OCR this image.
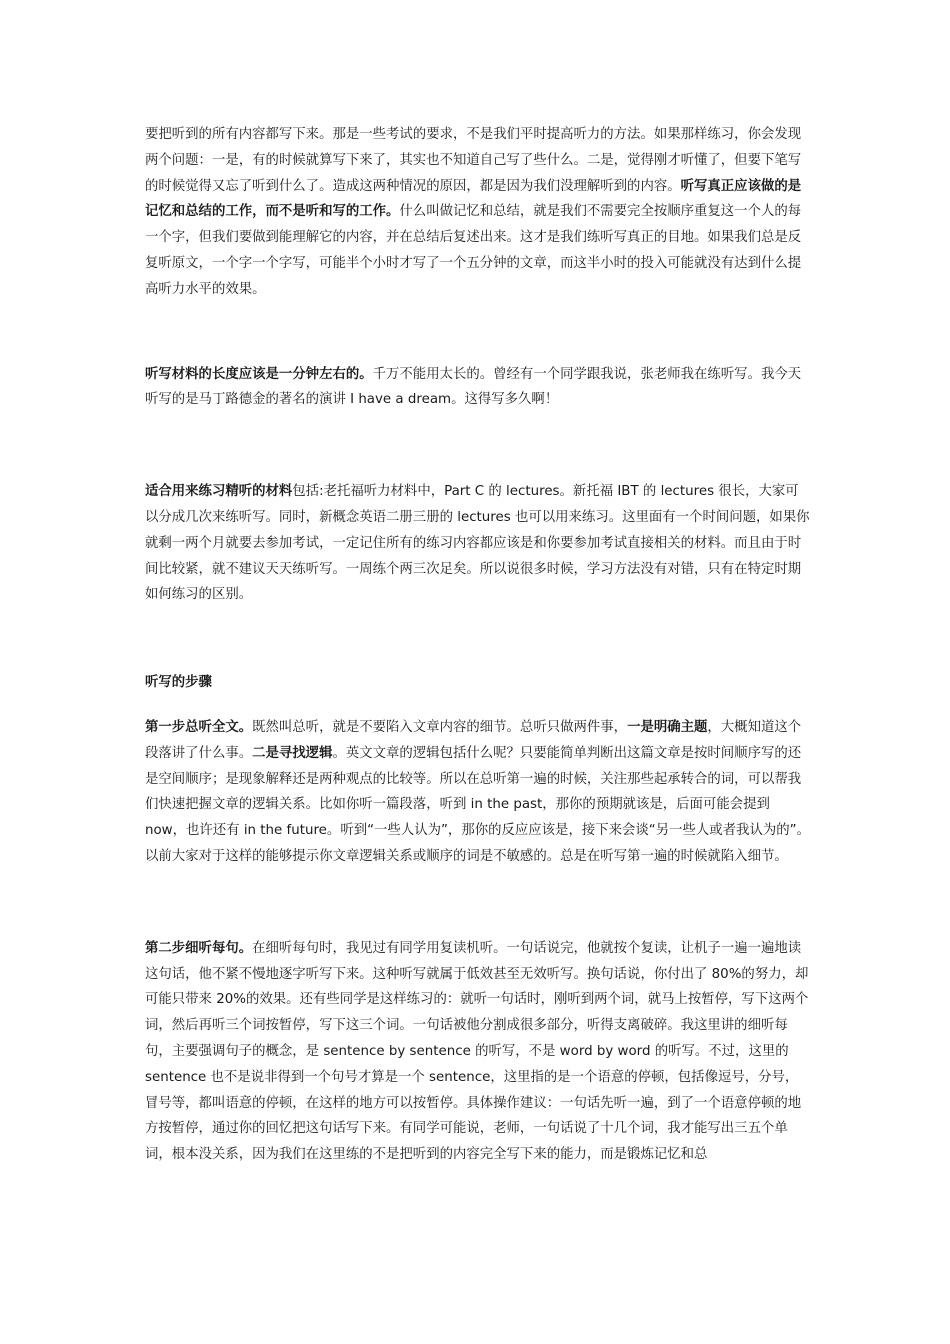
要把听到的所有内容都写下来。那是一些考试的要求，不是我们平时提高听力的方法。如果那样练习，你会发现两个问题：一是，有的时候就算写下来了，其实也不知道自己写了些什么。二是，觉得刚才听懂了，但要下笔写的时候觉得又忘了听到什么了。造成这两种情况的原因，都是因为我们没理解听到的内容。听写真正应该做的是记忆和总结的工作，而不是听和写的工作。什么叫做记忆和总结，就是我们不需要完全按顺序重复这一个人的每一个字，但我们要做到能理解它的内容，并在总结后复述出来。这才是我们练听写真正的目地。如果我们总是反复听原文，一个字一个字写，可能半个小时才写了一个五分钟的文章，而这半小时的投入可能就没有达到什么提高听力水平的效果。

听写材料的长度应该是一分钟左右的。千万不能用太长的。曾经有一个同学跟我说，张老师我在练听写。我今天听写的是马丁路德金的著名的演讲 I have a dream。这得写多久啊！

适合用来练习精听的材料包括:老托福听力材料中，Part C 的 lectures。新托福 IBT 的 lectures 很长，大家可以分成几次来练听写。同时，新概念英语二册三册的 lectures 也可以用来练习。这里面有一个时间问题，如果你就剩一两个月就要去参加考试，一定记住所有的练习内容都应该是和你要参加考试直接相关的材料。而且由于时间比较紧，就不建议天天练听写。一周练个两三次足矣。所以说很多时候，学习方法没有对错，只有在特定时期如何练习的区别。

听写的步骤

第一步总听全文。既然叫总听，就是不要陷入文章内容的细节。总听只做两件事，一是明确主题，大概知道这个段落讲了什么事。二是寻找逻辑。英文文章的逻辑包括什么呢？只要能简单判断出这篇文章是按时间顺序写的还是空间顺序；是现象解释还是两种观点的比较等。所以在总听第一遍的时候，关注那些起承转合的词，可以帮我们快速把握文章的逻辑关系。比如你听一篇段落，听到 in the past，那你的预期就该是，后面可能会提到 now，也许还有 in the future。听到“一些人认为”，那你的反应应该是，接下来会谈“另一些人或者我认为的”。以前大家对于这样的能够提示你文章逻辑关系或顺序的词是不敏感的。总是在听写第一遍的时候就陷入细节。

第二步细听每句。在细听每句时，我见过有同学用复读机听。一句话说完，他就按个复读，让机子一遍一遍地读这句话，他不紧不慢地逐字听写下来。这种听写就属于低效甚至无效听写。换句话说，你付出了 80%的努力，却可能只带来 20%的效果。还有些同学是这样练习的：就听一句话时，刚听到两个词，就马上按暂停，写下这两个词，然后再听三个词按暂停，写下这三个词。一句话被他分割成很多部分，听得支离破碎。我这里讲的细听每句，主要强调句子的概念，是 sentence by sentence 的听写，不是 word by word 的听写。不过，这里的 sentence 也不是说非得到一个句号才算是一个 sentence，这里指的是一个语意的停顿，包括像逗号，分号，冒号等，都叫语意的停顿，在这样的地方可以按暂停。具体操作建议：一句话先听一遍，到了一个语意停顿的地方按暂停，通过你的回忆把这句话写下来。有同学可能说，老师，一句话说了十几个词，我才能写出三五个单词，根本没关系，因为我们在这里练的不是把听到的内容完全写下来的能力，而是锻炼记忆和总
